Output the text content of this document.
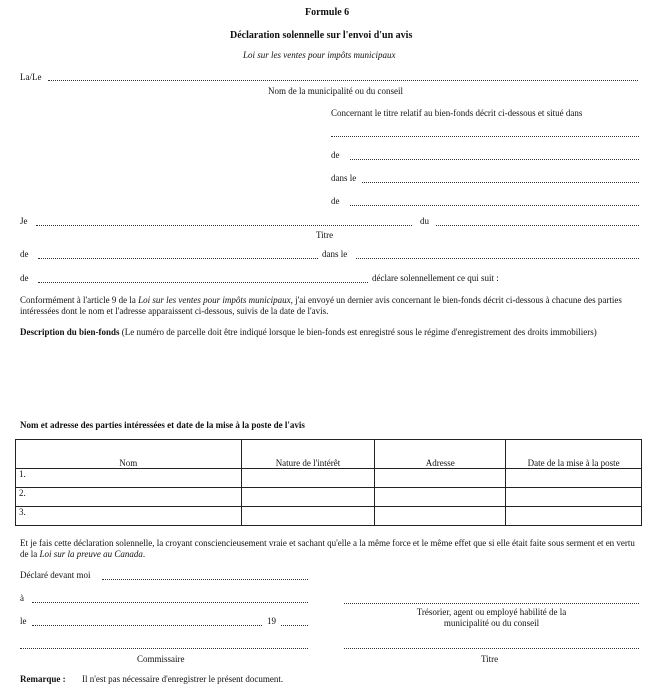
Formule 6
Déclaration solennelle sur l'envoi d'un avis
Loi sur les ventes pour impôts municipaux
La/Le
Nom de la municipalité ou du conseil
Concernant le titre relatif au bien-fonds décrit ci-dessous et situé dans
de
dans le
de
Je	du
Titre
de	dans le
de	déclare solennellement ce qui suit :
Conformément à l'article 9 de la Loi sur les ventes pour impôts municipaux, j'ai envoyé un dernier avis concernant le bien-fonds décrit ci-dessous à chacune des parties intéressées dont le nom et l'adresse apparaissent ci-dessous, suivis de la date de l'avis.
Description du bien-fonds (Le numéro de parcelle doit être indiqué lorsque le bien-fonds est enregistré sous le régime d'enregistrement des droits immobiliers)
Nom et adresse des parties intéressées et date de la mise à la poste de l'avis
Nom	Nature de l'intérêt	Adresse	Date de la mise à la poste
1.			
2.			
3.			
Et je fais cette déclaration solennelle, la croyant consciencieusement vraie et sachant qu'elle a la même force et le même effet que si elle était faite sous serment et en vertu de la Loi sur la preuve au Canada.
Déclaré devant moi
à
le	19
Commissaire
Trésorier, agent ou employé habilité de la municipalité ou du conseil
Titre
Remarque : Il n'est pas nécessaire d'enregistrer le présent document.
